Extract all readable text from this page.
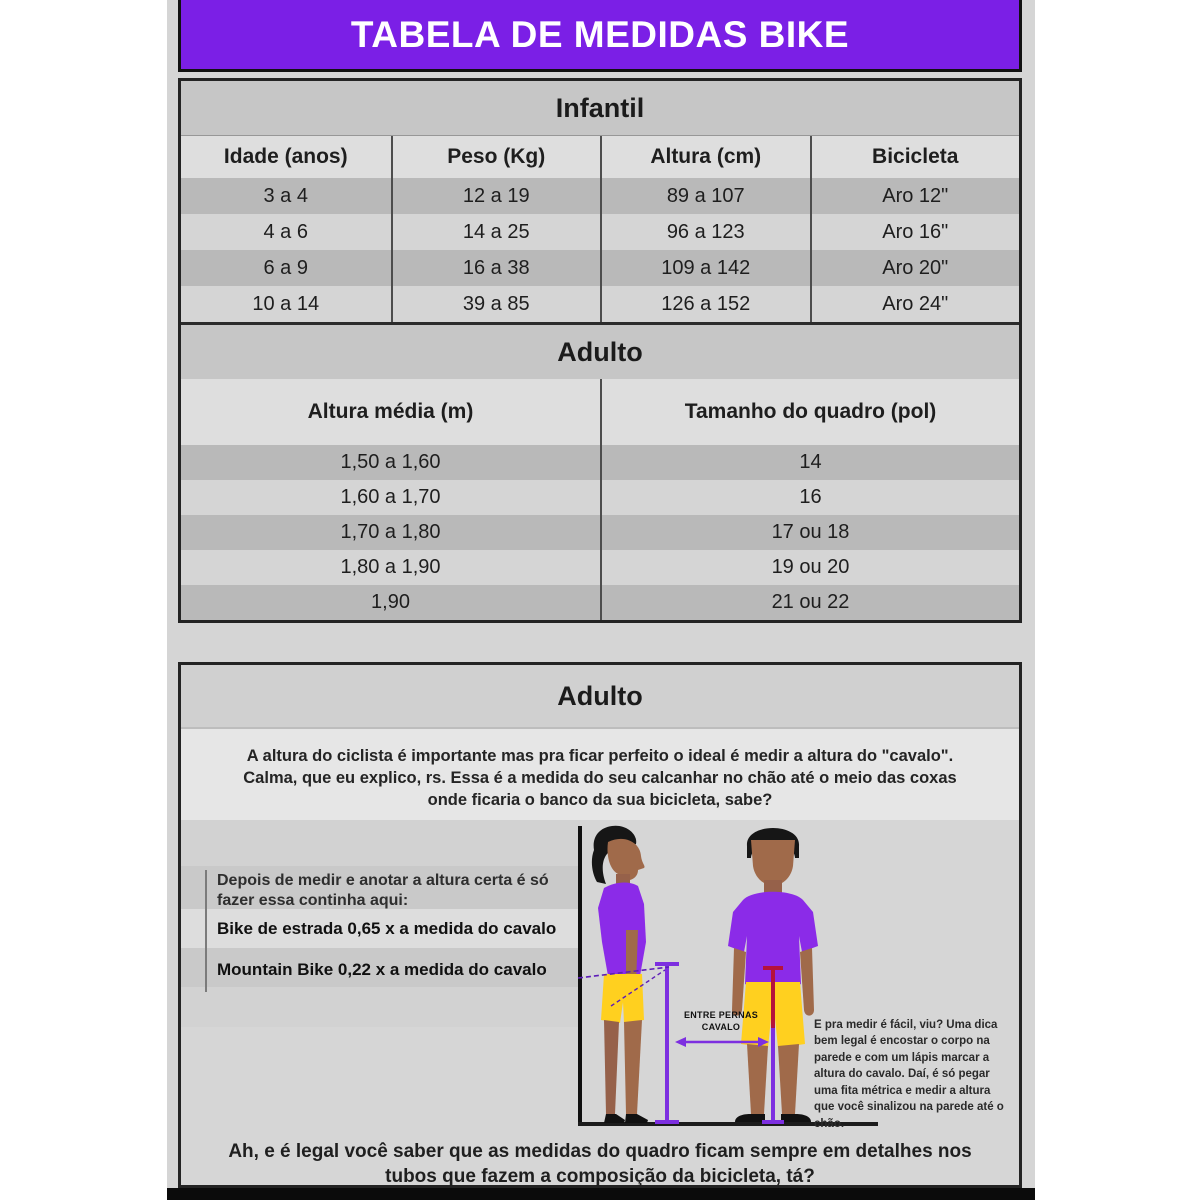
TABELA DE MEDIDAS BIKE
Infantil
Idade (anos)	Peso (Kg)	Altura (cm)	Bicicleta
3 a 4	12 a 19	89 a 107	Aro 12"
4 a 6	14 a 25	96 a 123	Aro 16"
6 a 9	16 a 38	109 a 142	Aro 20"
10 a 14	39 a 85	126 a 152	Aro 24"
Adulto
Altura média (m)	Tamanho do quadro (pol)
1,50 a 1,60	14
1,60 a 1,70	16
1,70 a 1,80	17 ou 18
1,80 a 1,90	19 ou 20
1,90	21 ou 22
Adulto
A altura do ciclista é importante mas pra ficar perfeito o ideal é medir a altura do "cavalo". Calma, que eu explico, rs. Essa é a medida do seu calcanhar no chão até o meio das coxas onde ficaria o banco da sua bicicleta, sabe?
Depois de medir e anotar a altura certa é só fazer essa continha aqui:
Bike de estrada 0,65 x a medida do cavalo
Mountain Bike 0,22 x a medida do cavalo
ENTRE PERNAS
CAVALO	E pra medir é fácil, viu? Uma dica bem legal é encostar o corpo na parede e com um lápis marcar a altura do cavalo. Daí, é só pegar uma fita métrica e medir a altura que você sinalizou na parede até o chão.
Ah, e é legal você saber que as medidas do quadro ficam sempre em detalhes nos tubos que fazem a composição da bicicleta, tá?
